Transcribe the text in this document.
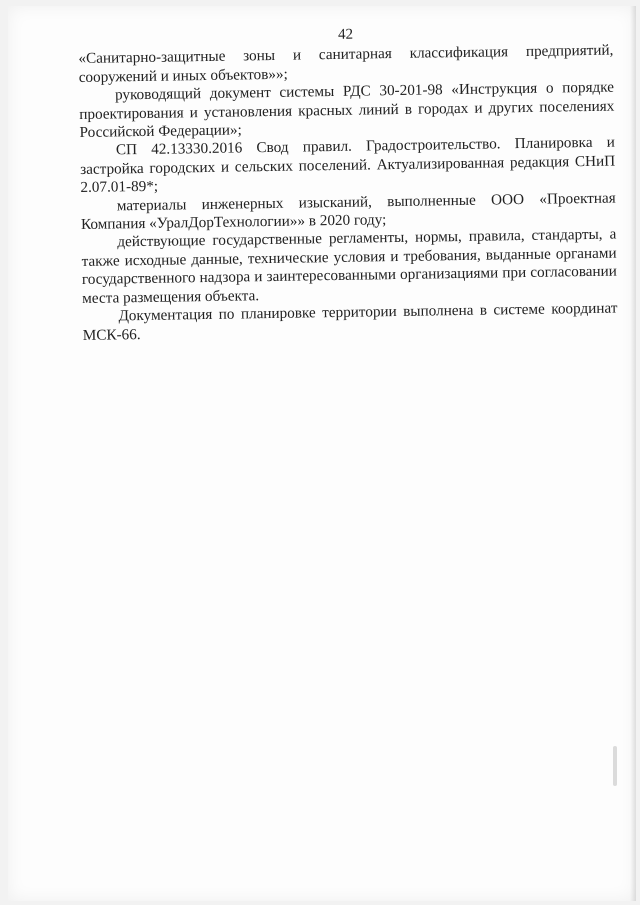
42

«Санитарно-защитные зоны и санитарная классификация предприятий, сооружений и иных объектов»»;

руководящий документ системы РДС 30-201-98 «Инструкция о порядке проектирования и установления красных линий в городах и других поселениях Российской Федерации»;

СП 42.13330.2016 Свод правил. Градостроительство. Планировка и застройка городских и сельских поселений. Актуализированная редакция СНиП 2.07.01-89*;

материалы инженерных изысканий, выполненные ООО «Проектная Компания «УралДорТехнологии»» в 2020 году;

действующие государственные регламенты, нормы, правила, стандарты, а также исходные данные, технические условия и требования, выданные органами государственного надзора и заинтересованными организациями при согласовании места размещения объекта.

Документация по планировке территории выполнена в системе координат МСК-66.
